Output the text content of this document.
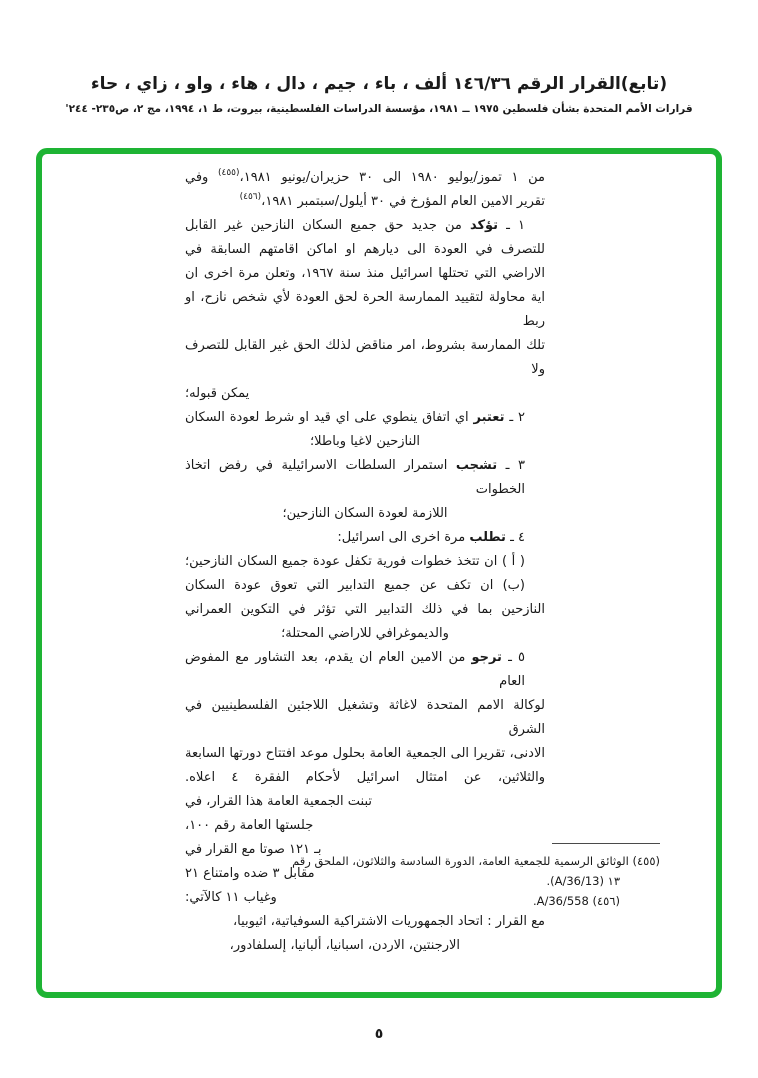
(تابع)القرار الرقم ١٤٦/٣٦ ألف ، باء ، جيم ، دال ، هاء ، واو ، زاي ، حاء
قرارات الأمم المتحدة بشأن فلسطين ١٩٧٥ ــ ١٩٨١، مؤسسة الدراسات الفلسطينية، بيروت، ط ١، ١٩٩٤، مج ٢، ص٢٣٥- ٢٤٤'
من ١ تموز/يوليو ١٩٨٠ الى ٣٠ حزيران/يونيو ١٩٨١،$^{(٤٥٥)}$ وفي
تقرير الامين العام المؤرخ في ٣٠ أيلول/سبتمبر ١٩٨١،$^{(٤٥٦)}$
١ ـ تؤكد من جديد حق جميع السكان النازحين غير القابل
للتصرف في العودة الى ديارهم او اماكن اقامتهم السابقة في
الاراضي التي تحتلها اسرائيل منذ سنة ١٩٦٧، وتعلن مرة اخرى ان
اية محاولة لتقييد الممارسة الحرة لحق العودة لأي شخص نازح، او ربط
تلك الممارسة بشروط، امر مناقض لذلك الحق غير القابل للتصرف ولا
يمكن قبوله؛
٢ ـ تعتبر اي اتفاق ينطوي على اي قيد او شرط لعودة السكان
النازحين لاغيا وباطلا؛
٣ ـ تشجب استمرار السلطات الاسرائيلية في رفض اتخاذ الخطوات
اللازمة لعودة السكان النازحين؛
٤ ـ تطلب مرة اخرى الى اسرائيل:
( أ ) ان تتخذ خطوات فورية تكفل عودة جميع السكان النازحين؛
(ب) ان تكف عن جميع التدابير التي تعوق عودة السكان
النازحين بما في ذلك التدابير التي تؤثر في التكوين العمراني
والديموغرافي للاراضي المحتلة؛
٥ ـ ترجو من الامين العام ان يقدم، بعد التشاور مع المفوض العام
لوكالة الامم المتحدة لاغاثة وتشغيل اللاجئين الفلسطينيين في الشرق
الادنى، تقريرا الى الجمعية العامة بحلول موعد افتتاح دورتها السابعة
والثلاثين، عن امتثال اسرائيل لأحكام الفقرة ٤ اعلاه.
تبنت الجمعية العامة هذا القرار، في
جلستها العامة رقم ١٠٠،
بـ ١٢١ صوتا مع القرار في
مقابل ٣ ضده وامتناع ٢١
وغياب ١١ كالآتي:
مع القرار : اتحاد الجمهوريات الاشتراكية السوفياتية، اثيوبيا،
الارجنتين، الاردن، اسبانيا، ألبانيا، إلسلفادور،
(٤٥٥) الوثائق الرسمية للجمعية العامة، الدورة السادسة والثلاثون، الملحق رقم
١٣ (A/36/13).
(٤٥٦) A/36/558.
٥
